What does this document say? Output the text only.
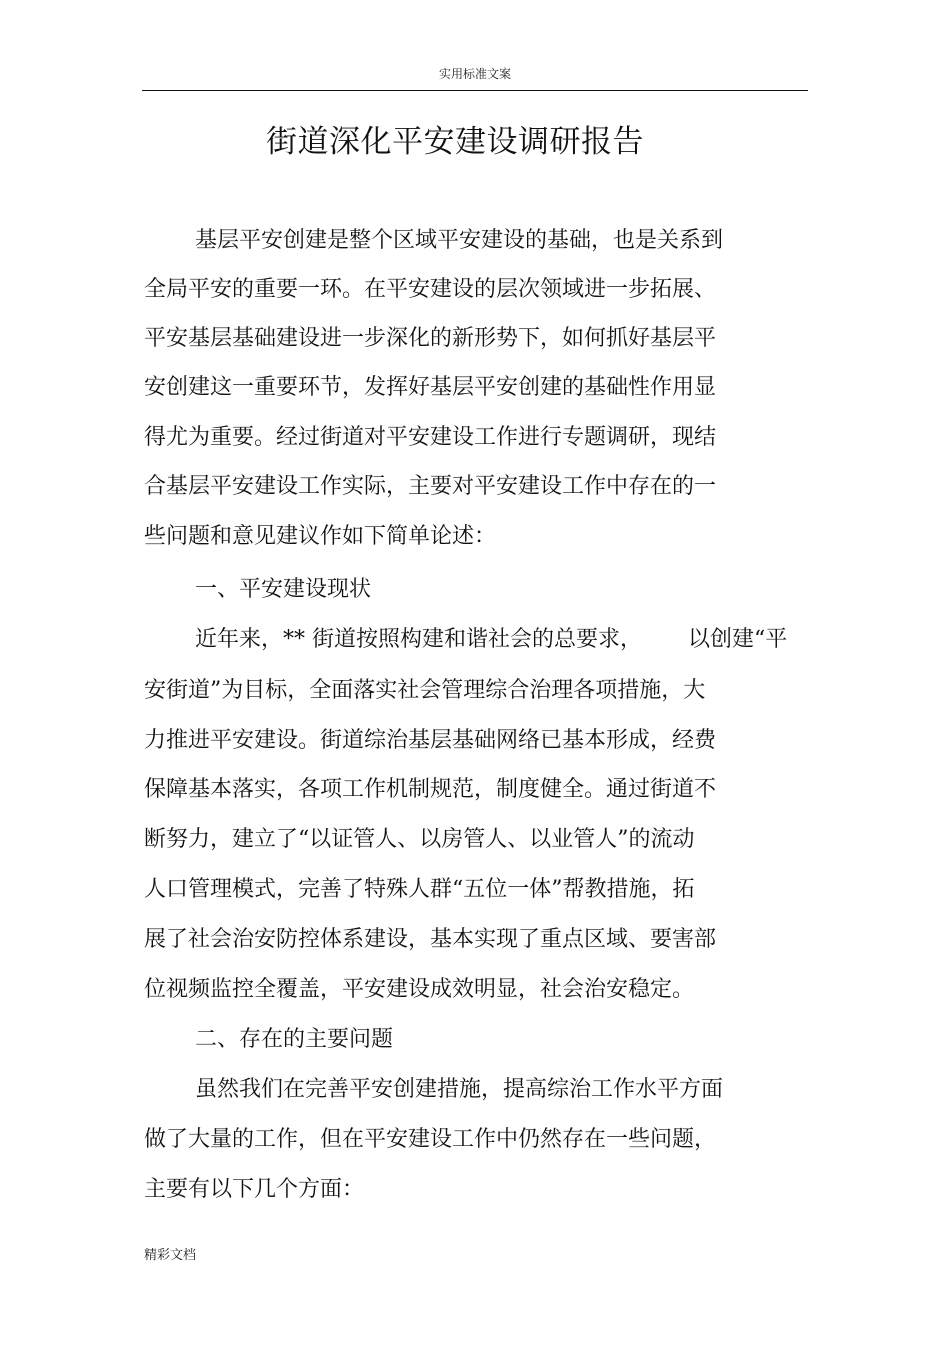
实用标准文案
街道深化平安建设调研报告
基层平安创建是整个区域平安建设的基础，也是关系到
全局平安的重要一环。在平安建设的层次领域进一步拓展、
平安基层基础建设进一步深化的新形势下，如何抓好基层平
安创建这一重要环节，发挥好基层平安创建的基础性作用显
得尤为重要。经过街道对平安建设工作进行专题调研，现结
合基层平安建设工作实际，主要对平安建设工作中存在的一
些问题和意见建议作如下简单论述：
一、平安建设现状
近年来，** 街道按照构建和谐社会的总要求， 以创建“平
安街道”为目标，全面落实社会管理综合治理各项措施，大
力推进平安建设。街道综治基层基础网络已基本形成，经费
保障基本落实，各项工作机制规范，制度健全。通过街道不
断努力，建立了“以证管人、以房管人、以业管人”的流动
人口管理模式，完善了特殊人群“五位一体”帮教措施，拓
展了社会治安防控体系建设，基本实现了重点区域、要害部
位视频监控全覆盖，平安建设成效明显，社会治安稳定。
二、存在的主要问题
虽然我们在完善平安创建措施，提高综治工作水平方面
做了大量的工作，但在平安建设工作中仍然存在一些问题，
主要有以下几个方面：
精彩文档
